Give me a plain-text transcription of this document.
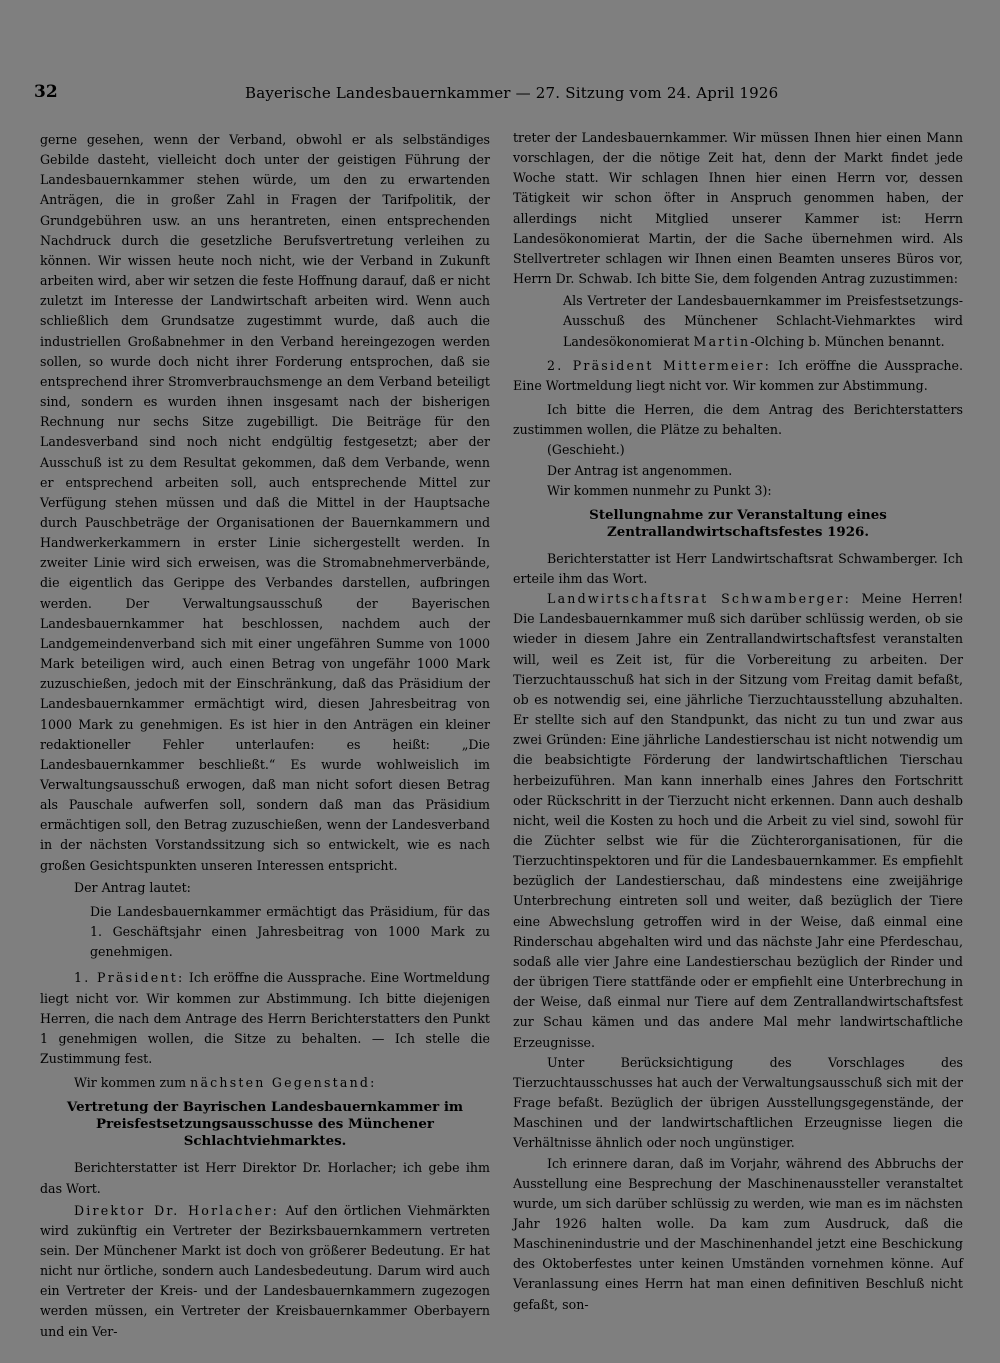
32	Bayerische Landesbauernkammer — 27. Sitzung vom 24. April 1926

gerne gesehen, wenn der Verband, obwohl er als selbständiges Gebilde dasteht, vielleicht doch unter der geistigen Führung der Landesbauernkammer stehen würde, um den zu erwartenden Anträgen, die in großer Zahl in Fragen der Tarifpolitik, der Grundgebühren usw. an uns herantreten, einen entsprechenden Nachdruck durch die gesetzliche Berufsvertretung verleihen zu können. Wir wissen heute noch nicht, wie der Verband in Zukunft arbeiten wird, aber wir setzen die feste Hoffnung darauf, daß er nicht zuletzt im Interesse der Landwirtschaft arbeiten wird. Wenn auch schließlich dem Grundsatze zugestimmt wurde, daß auch die industriellen Großabnehmer in den Verband hereingezogen werden sollen, so wurde doch nicht ihrer Forderung entsprochen, daß sie entsprechend ihrer Stromverbrauchsmenge an dem Verband beteiligt sind, sondern es wurden ihnen insgesamt nach der bisherigen Rechnung nur sechs Sitze zugebilligt. Die Beiträge für den Landesverband sind noch nicht endgültig festgesetzt; aber der Ausschuß ist zu dem Resultat gekommen, daß dem Verbande, wenn er entsprechend arbeiten soll, auch entsprechende Mittel zur Verfügung stehen müssen und daß die Mittel in der Hauptsache durch Pauschbeträge der Organisationen der Bauernkammern und Handwerkerkammern in erster Linie sichergestellt werden. In zweiter Linie wird sich erweisen, was die Stromabnehmerverbände, die eigentlich das Gerippe des Verbandes darstellen, aufbringen werden. Der Verwaltungsausschuß der Bayerischen Landesbauernkammer hat beschlossen, nachdem auch der Landgemeindenverband sich mit einer ungefähren Summe von 1000 Mark beteiligen wird, auch einen Betrag von ungefähr 1000 Mark zuzuschießen, jedoch mit der Einschränkung, daß das Präsidium der Landesbauernkammer ermächtigt wird, diesen Jahresbeitrag von 1000 Mark zu genehmigen. Es ist hier in den Anträgen ein kleiner redaktioneller Fehler unterlaufen: es heißt: „Die Landesbauernkammer beschließt.“ Es wurde wohlweislich im Verwaltungsausschuß erwogen, daß man nicht sofort diesen Betrag als Pauschale aufwerfen soll, sondern daß man das Präsidium ermächtigen soll, den Betrag zuzuschießen, wenn der Landesverband in der nächsten Vorstandssitzung sich so entwickelt, wie es nach großen Gesichtspunkten unseren Interessen entspricht.

Der Antrag lautet:

Die Landesbauernkammer ermächtigt das Präsidium, für das 1. Geschäftsjahr einen Jahresbeitrag von 1000 Mark zu genehmigen.

1. Präsident: Ich eröffne die Aussprache. Eine Wortmeldung liegt nicht vor. Wir kommen zur Abstimmung. Ich bitte diejenigen Herren, die nach dem Antrage des Herrn Berichterstatters den Punkt 1 genehmigen wollen, die Sitze zu behalten. — Ich stelle die Zustimmung fest.

Wir kommen zum nächsten Gegenstand:

Vertretung der Bayrischen Landesbauernkammer im Preisfestsetzungsausschusse des Münchener Schlachtviehmarktes.

Berichterstatter ist Herr Direktor Dr. Horlacher; ich gebe ihm das Wort.

Direktor Dr. Horlacher: Auf den örtlichen Viehmärkten wird zukünftig ein Vertreter der Bezirksbauernkammern vertreten sein. Der Münchener Markt ist doch von größerer Bedeutung. Er hat nicht nur örtliche, sondern auch Landesbedeutung. Darum wird auch ein Vertreter der Kreis- und der Landesbauernkammern zugezogen werden müssen, ein Vertreter der Kreisbauernkammer Oberbayern und ein Ver-

treter der Landesbauernkammer. Wir müssen Ihnen hier einen Mann vorschlagen, der die nötige Zeit hat, denn der Markt findet jede Woche statt. Wir schlagen Ihnen hier einen Herrn vor, dessen Tätigkeit wir schon öfter in Anspruch genommen haben, der allerdings nicht Mitglied unserer Kammer ist: Herrn Landesökonomierat Martin, der die Sache übernehmen wird. Als Stellvertreter schlagen wir Ihnen einen Beamten unseres Büros vor, Herrn Dr. Schwab. Ich bitte Sie, dem folgenden Antrag zuzustimmen:

Als Vertreter der Landesbauernkammer im Preisfestsetzungs-Ausschuß des Münchener Schlacht-Viehmarktes wird Landesökonomierat Martin-Olching b. München benannt.

2. Präsident Mittermeier: Ich eröffne die Aussprache. Eine Wortmeldung liegt nicht vor. Wir kommen zur Abstimmung.

Ich bitte die Herren, die dem Antrag des Berichterstatters zustimmen wollen, die Plätze zu behalten.

(Geschieht.)

Der Antrag ist angenommen.

Wir kommen nunmehr zu Punkt 3):

Stellungnahme zur Veranstaltung eines Zentrallandwirtschaftsfestes 1926.

Berichterstatter ist Herr Landwirtschaftsrat Schwamberger. Ich erteile ihm das Wort.

Landwirtschaftsrat Schwamberger: Meine Herren! Die Landesbauernkammer muß sich darüber schlüssig werden, ob sie wieder in diesem Jahre ein Zentrallandwirtschaftsfest veranstalten will, weil es Zeit ist, für die Vorbereitung zu arbeiten. Der Tierzuchtausschuß hat sich in der Sitzung vom Freitag damit befaßt, ob es notwendig sei, eine jährliche Tierzuchtausstellung abzuhalten. Er stellte sich auf den Standpunkt, das nicht zu tun und zwar aus zwei Gründen: Eine jährliche Landestierschau ist nicht notwendig um die beabsichtigte Förderung der landwirtschaftlichen Tierschau herbeizuführen. Man kann innerhalb eines Jahres den Fortschritt oder Rückschritt in der Tierzucht nicht erkennen. Dann auch deshalb nicht, weil die Kosten zu hoch und die Arbeit zu viel sind, sowohl für die Züchter selbst wie für die Züchterorganisationen, für die Tierzuchtinspektoren und für die Landesbauernkammer. Es empfiehlt bezüglich der Landestierschau, daß mindestens eine zweijährige Unterbrechung eintreten soll und weiter, daß bezüglich der Tiere eine Abwechslung getroffen wird in der Weise, daß einmal eine Rinderschau abgehalten wird und das nächste Jahr eine Pferdeschau, sodaß alle vier Jahre eine Landestierschau bezüglich der Rinder und der übrigen Tiere stattfände oder er empfiehlt eine Unterbrechung in der Weise, daß einmal nur Tiere auf dem Zentrallandwirtschaftsfest zur Schau kämen und das andere Mal mehr landwirtschaftliche Erzeugnisse.

Unter Berücksichtigung des Vorschlages des Tierzuchtausschusses hat auch der Verwaltungsausschuß sich mit der Frage befaßt. Bezüglich der übrigen Ausstellungsgegenstände, der Maschinen und der landwirtschaftlichen Erzeugnisse liegen die Verhältnisse ähnlich oder noch ungünstiger.

Ich erinnere daran, daß im Vorjahr, während des Abbruchs der Ausstellung eine Besprechung der Maschinenaussteller veranstaltet wurde, um sich darüber schlüssig zu werden, wie man es im nächsten Jahr 1926 halten wolle. Da kam zum Ausdruck, daß die Maschinenindustrie und der Maschinenhandel jetzt eine Beschickung des Oktoberfestes unter keinen Umständen vornehmen könne. Auf Veranlassung eines Herrn hat man einen definitiven Beschluß nicht gefaßt, son-
